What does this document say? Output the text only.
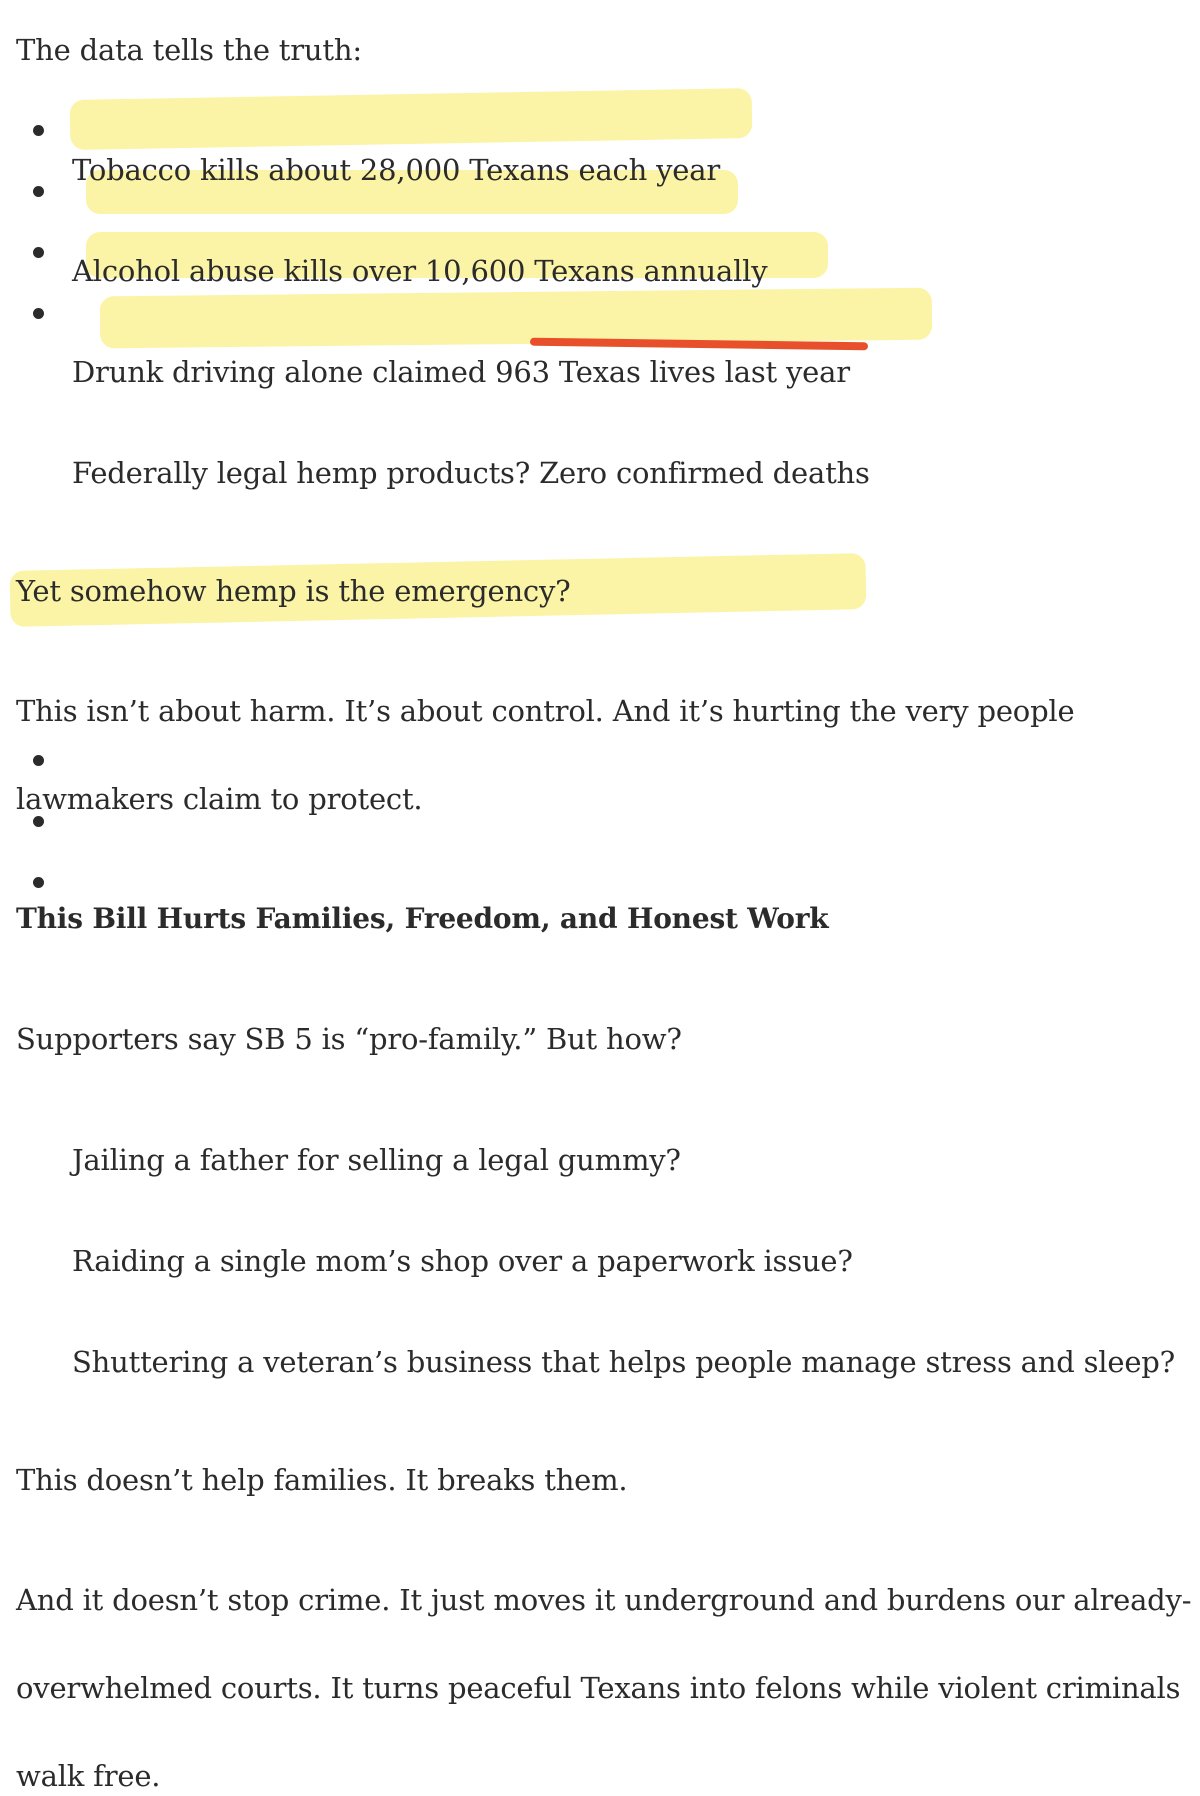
The data tells the truth:
Tobacco kills about 28,000 Texans each year
Alcohol abuse kills over 10,600 Texans annually
Drunk driving alone claimed 963 Texas lives last year
Federally legal hemp products? Zero confirmed deaths
Yet somehow hemp is the emergency?
This isn’t about harm. It’s about control. And it’s hurting the very people
lawmakers claim to protect.
This Bill Hurts Families, Freedom, and Honest Work
Supporters say SB 5 is “pro-family.” But how?
Jailing a father for selling a legal gummy?
Raiding a single mom’s shop over a paperwork issue?
Shuttering a veteran’s business that helps people manage stress and sleep?
This doesn’t help families. It breaks them.
And it doesn’t stop crime. It just moves it underground and burdens our already-
overwhelmed courts. It turns peaceful Texans into felons while violent criminals
walk free.
